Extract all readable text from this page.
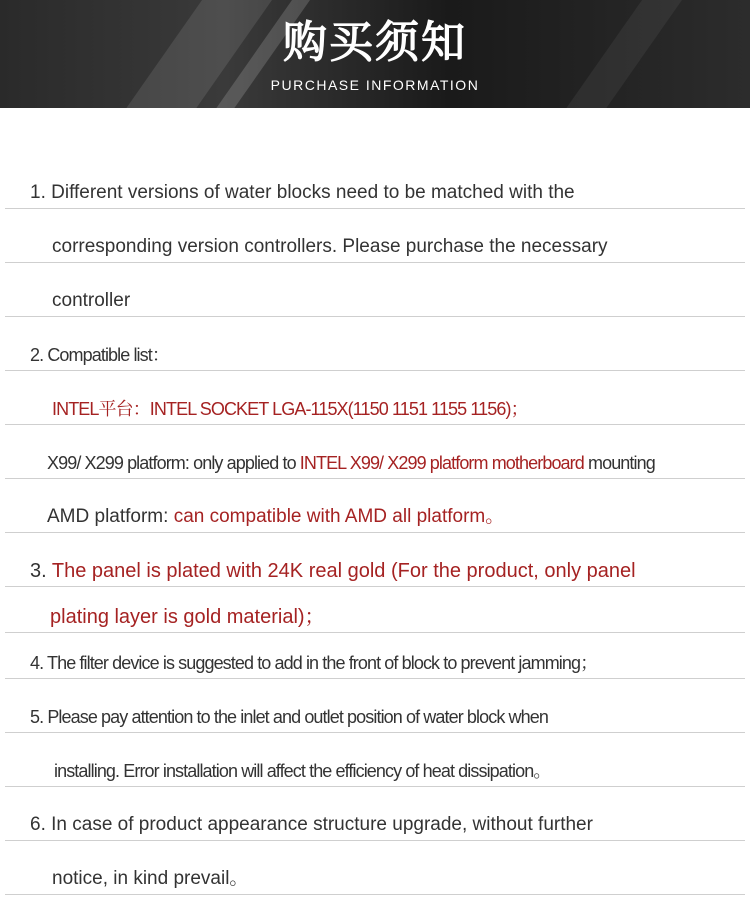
购买须知
PURCHASE INFORMATION
1. Different versions of water blocks need to be matched with the
corresponding version controllers. Please purchase the necessary
controller
2. Compatible list：
INTEL平台：INTEL SOCKET LGA-115X(1150 1151 1155 1156)；
X99/ X299 platform: only applied to INTEL X99/ X299 platform motherboard mounting
AMD platform: can compatible with AMD all platform。
3. The panel is plated with 24K real gold (For the product, only panel
plating layer is gold material)；
4. The filter device is suggested to add in the front of block to prevent jamming；
5. Please pay attention to the inlet and outlet position of water block when
installing. Error installation will affect the efficiency of heat dissipation。
6. In case of product appearance structure upgrade, without further
notice, in kind prevail。
